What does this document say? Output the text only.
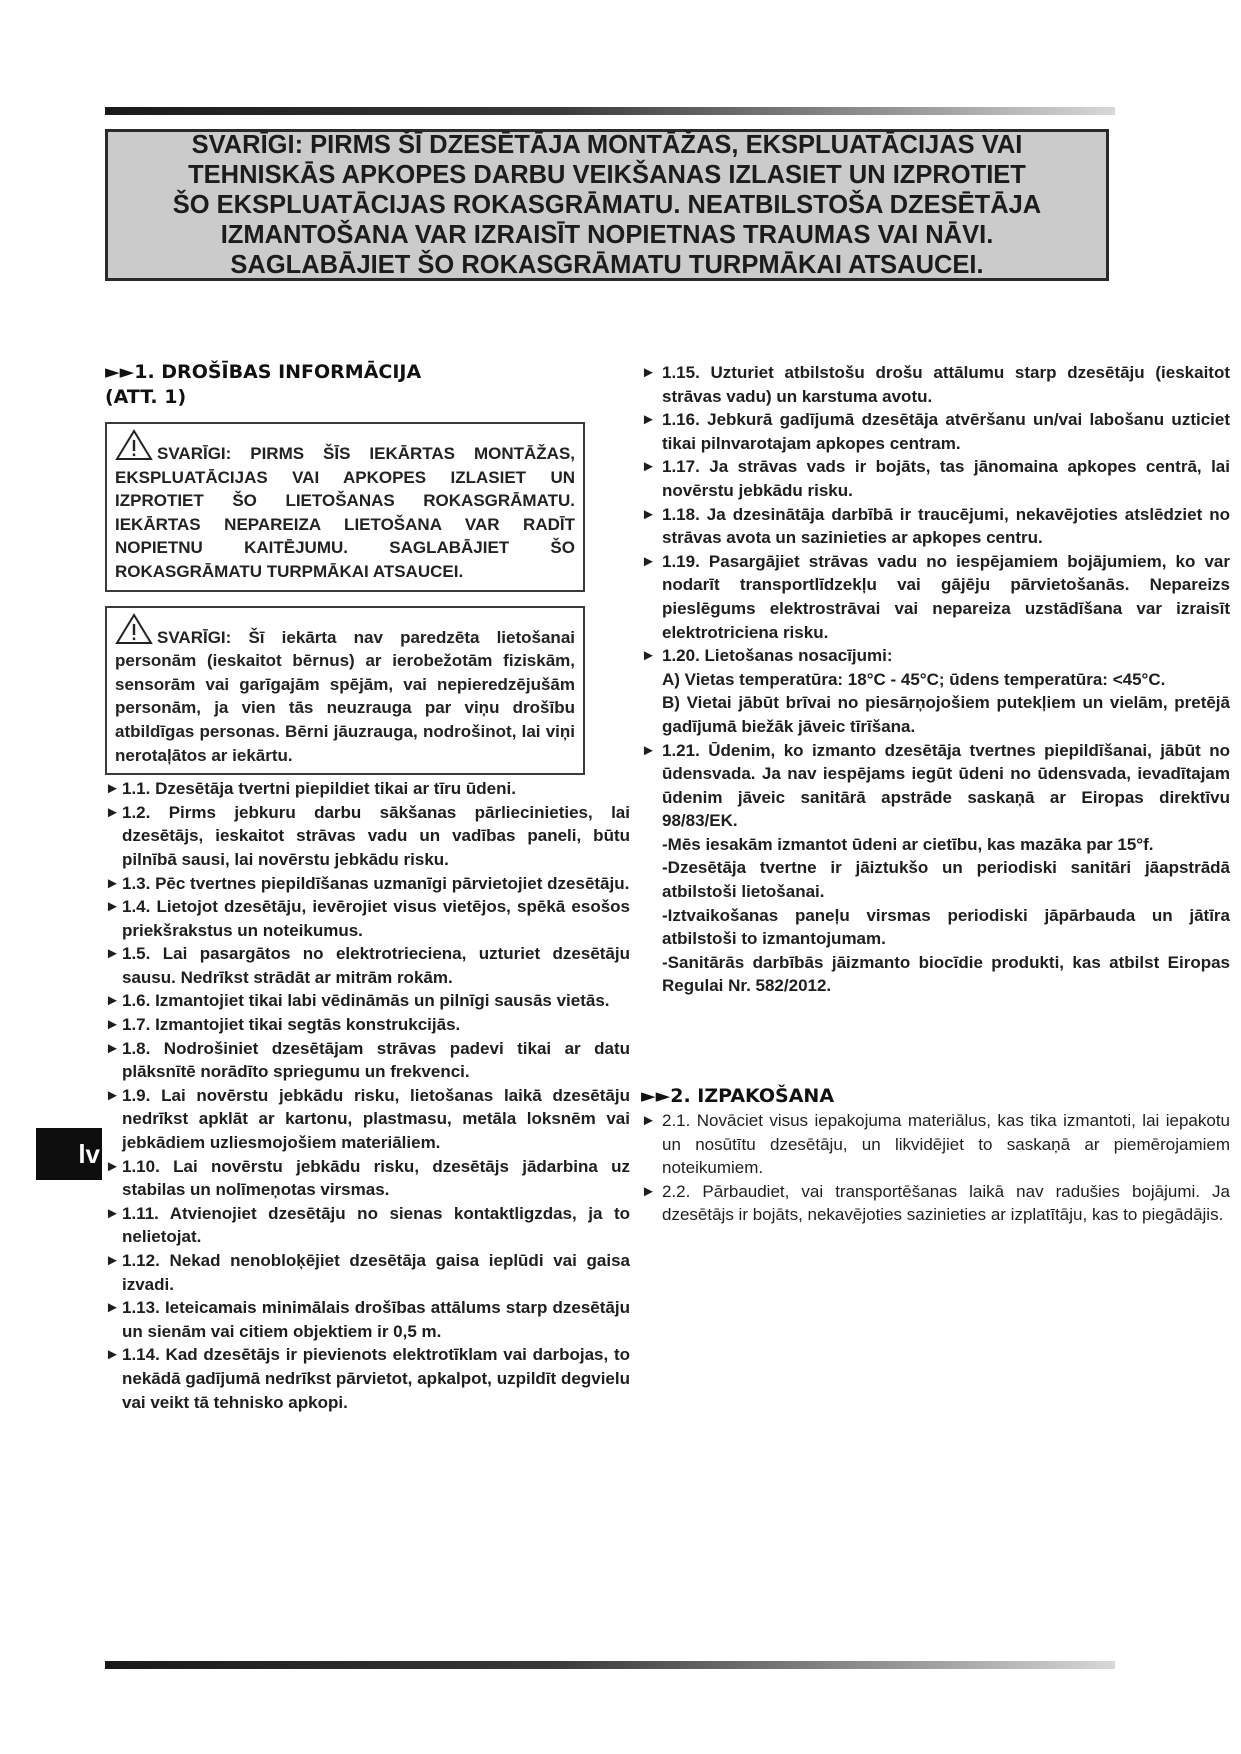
SVARĪGI: PIRMS ŠĪ DZESĒTĀJA MONTĀŽAS, EKSPLUATĀCIJAS VAI
TEHNISKĀS APKOPES DARBU VEIKŠANAS IZLASIET UN IZPROTIET
ŠO EKSPLUATĀCIJAS ROKASGRĀMATU. NEATBILSTOŠA DZESĒTĀJA
IZMANTOŠANA VAR IZRAISĪT NOPIETNAS TRAUMAS VAI NĀVI.
SAGLABĀJIET ŠO ROKASGRĀMATU TURPMĀKAI ATSAUCEI.
lv
►►1. DROŠĪBAS INFORMĀCIJA
(ATT. 1)
SVARĪGI: PIRMS ŠĪS IEKĀRTAS MONTĀŽAS, EKSPLUATĀCIJAS VAI APKOPES IZLASIET UN IZPROTIET ŠO LIETOŠANAS ROKASGRĀMATU. IEKĀRTAS NEPAREIZA LIETOŠANA VAR RADĪT NOPIETNU KAITĒJUMU. SAGLABĀJIET ŠO ROKASGRĀMATU TURPMĀKAI ATSAUCEI.
SVARĪGI: Šī iekārta nav paredzēta lietošanai personām (ieskaitot bērnus) ar ierobežotām fiziskām, sensorām vai garīgajām spējām, vai nepieredzējušām personām, ja vien tās neuzrauga par viņu drošību atbildīgas personas. Bērni jāuzrauga, nodrošinot, lai viņi nerotaļātos ar iekārtu.
► 1.1. Dzesētāja tvertni piepildiet tikai ar tīru ūdeni.

► 1.2. Pirms jebkuru darbu sākšanas pārliecinieties, lai dzesētājs, ieskaitot strāvas vadu un vadības paneli, būtu pilnībā sausi, lai novērstu jebkādu risku.

► 1.3. Pēc tvertnes piepildīšanas uzmanīgi pārvietojiet dzesētāju.

► 1.4. Lietojot dzesētāju, ievērojiet visus vietējos, spēkā esošos priekšrakstus un noteikumus.

► 1.5. Lai pasargātos no elektrotrieciena, uzturiet dzesētāju sausu. Nedrīkst strādāt ar mitrām rokām.

► 1.6. Izmantojiet tikai labi vēdināmās un pilnīgi sausās vietās.

► 1.7. Izmantojiet tikai segtās konstrukcijās.

► 1.8. Nodrošiniet dzesētājam strāvas padevi tikai ar datu plāksnītē norādīto spriegumu un frekvenci.

► 1.9. Lai novērstu jebkādu risku, lietošanas laikā dzesētāju nedrīkst apklāt ar kartonu, plastmasu, metāla loksnēm vai jebkādiem uzliesmojošiem materiāliem.

► 1.10. Lai novērstu jebkādu risku, dzesētājs jādarbina uz stabilas un nolīmeņotas virsmas.

► 1.11. Atvienojiet dzesētāju no sienas kontaktligzdas, ja to nelietojat.

► 1.12. Nekad nenobloķējiet dzesētāja gaisa ieplūdi vai gaisa izvadi.

► 1.13. Ieteicamais minimālais drošības attālums starp dzesētāju un sienām vai citiem objektiem ir 0,5 m.

► 1.14. Kad dzesētājs ir pievienots elektrotīklam vai darbojas, to nekādā gadījumā nedrīkst pārvietot, apkalpot, uzpildīt degvielu vai veikt tā tehnisko apkopi.

► 1.15. Uzturiet atbilstošu drošu attālumu starp dzesētāju (ieskaitot strāvas vadu) un karstuma avotu.

► 1.16. Jebkurā gadījumā dzesētāja atvēršanu un/vai labošanu uzticiet tikai pilnvarotajam apkopes centram.

► 1.17. Ja strāvas vads ir bojāts, tas jānomaina apkopes centrā, lai novērstu jebkādu risku.

► 1.18. Ja dzesinātāja darbībā ir traucējumi, nekavējoties atslēdziet no strāvas avota un sazinieties ar apkopes centru.

► 1.19. Pasargājiet strāvas vadu no iespējamiem bojājumiem, ko var nodarīt transportlīdzekļu vai gājēju pārvietošanās. Nepareizs pieslēgums elektrostrāvai vai nepareiza uzstādīšana var izraisīt elektrotriciena risku.

► 1.20. Lietošanas nosacījumi:

A) Vietas temperatūra: 18°C - 45°C; ūdens temperatūra: <45°C.

B) Vietai jābūt brīvai no piesārņojošiem putekļiem un vielām, pretējā gadījumā biežāk jāveic tīrīšana.

► 1.21. Ūdenim, ko izmanto dzesētāja tvertnes piepildīšanai, jābūt no ūdensvada. Ja nav iespējams iegūt ūdeni no ūdensvada, ievadītajam ūdenim jāveic sanitārā apstrāde saskaņā ar Eiropas direktīvu 98/83/EK.

-Mēs iesakām izmantot ūdeni ar cietību, kas mazāka par 15°f.

-Dzesētāja tvertne ir jāiztukšo un periodiski sanitāri jāapstrādā atbilstoši lietošanai.

-Iztvaikošanas paneļu virsmas periodiski jāpārbauda un jātīra atbilstoši to izmantojumam.

-Sanitārās darbībās jāizmanto biocīdie produkti, kas atbilst Eiropas Regulai Nr. 582/2012.

►►2. IZPAKOŠANA
► 2.1. Novāciet visus iepakojuma materiālus, kas tika izmantoti, lai iepakotu un nosūtītu dzesētāju, un likvidējiet to saskaņā ar piemērojamiem noteikumiem.

► 2.2. Pārbaudiet, vai transportēšanas laikā nav radušies bojājumi. Ja dzesētājs ir bojāts, nekavējoties sazinieties ar izplatītāju, kas to piegādājis.
